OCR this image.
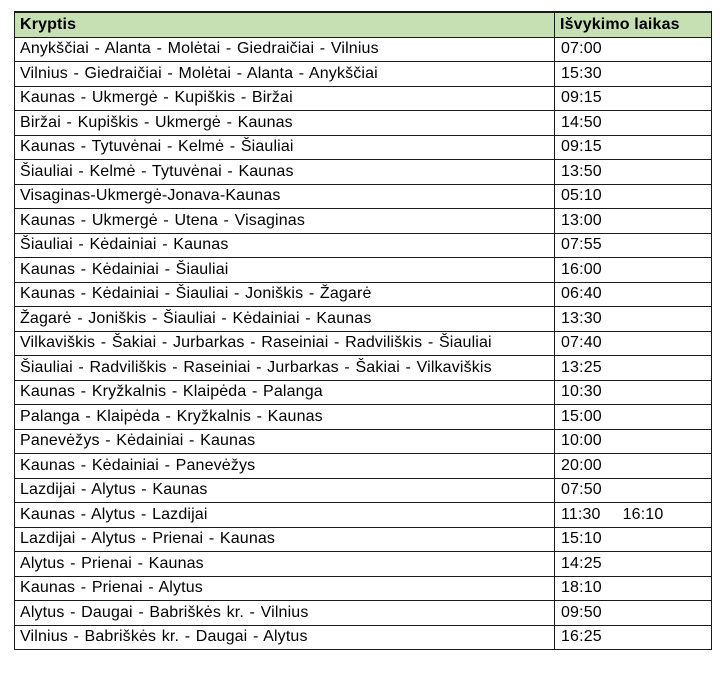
Kryptis	Išvykimo laikas
Anykščiai - Alanta - Molėtai - Giedraičiai - Vilnius	07:00
Vilnius - Giedraičiai - Molėtai - Alanta - Anykščiai	15:30
Kaunas - Ukmergė - Kupiškis - Biržai	09:15
Biržai - Kupiškis - Ukmergė - Kaunas	14:50
Kaunas - Tytuvėnai - Kelmė - Šiauliai	09:15
Šiauliai - Kelmė - Tytuvėnai - Kaunas	13:50
Visaginas-Ukmergė-Jonava-Kaunas	05:10
Kaunas - Ukmergė - Utena - Visaginas	13:00
Šiauliai - Kėdainiai - Kaunas	07:55
Kaunas - Kėdainiai - Šiauliai	16:00
Kaunas - Kėdainiai - Šiauliai - Joniškis - Žagarė	06:40
Žagarė - Joniškis - Šiauliai - Kėdainiai - Kaunas	13:30
Vilkaviškis - Šakiai - Jurbarkas - Raseiniai - Radviliškis - Šiauliai	07:40
Šiauliai - Radviliškis - Raseiniai - Jurbarkas - Šakiai - Vilkaviškis	13:25
Kaunas - Kryžkalnis - Klaipėda - Palanga	10:30
Palanga - Klaipėda - Kryžkalnis - Kaunas	15:00
Panevėžys - Kėdainiai - Kaunas	10:00
Kaunas - Kėdainiai - Panevėžys	20:00
Lazdijai - Alytus - Kaunas	07:50
Kaunas - Alytus - Lazdijai	11:30 16:10
Lazdijai - Alytus - Prienai - Kaunas	15:10
Alytus - Prienai - Kaunas	14:25
Kaunas - Prienai - Alytus	18:10
Alytus - Daugai - Babriškės kr. - Vilnius	09:50
Vilnius - Babriškės kr. - Daugai - Alytus	16:25
